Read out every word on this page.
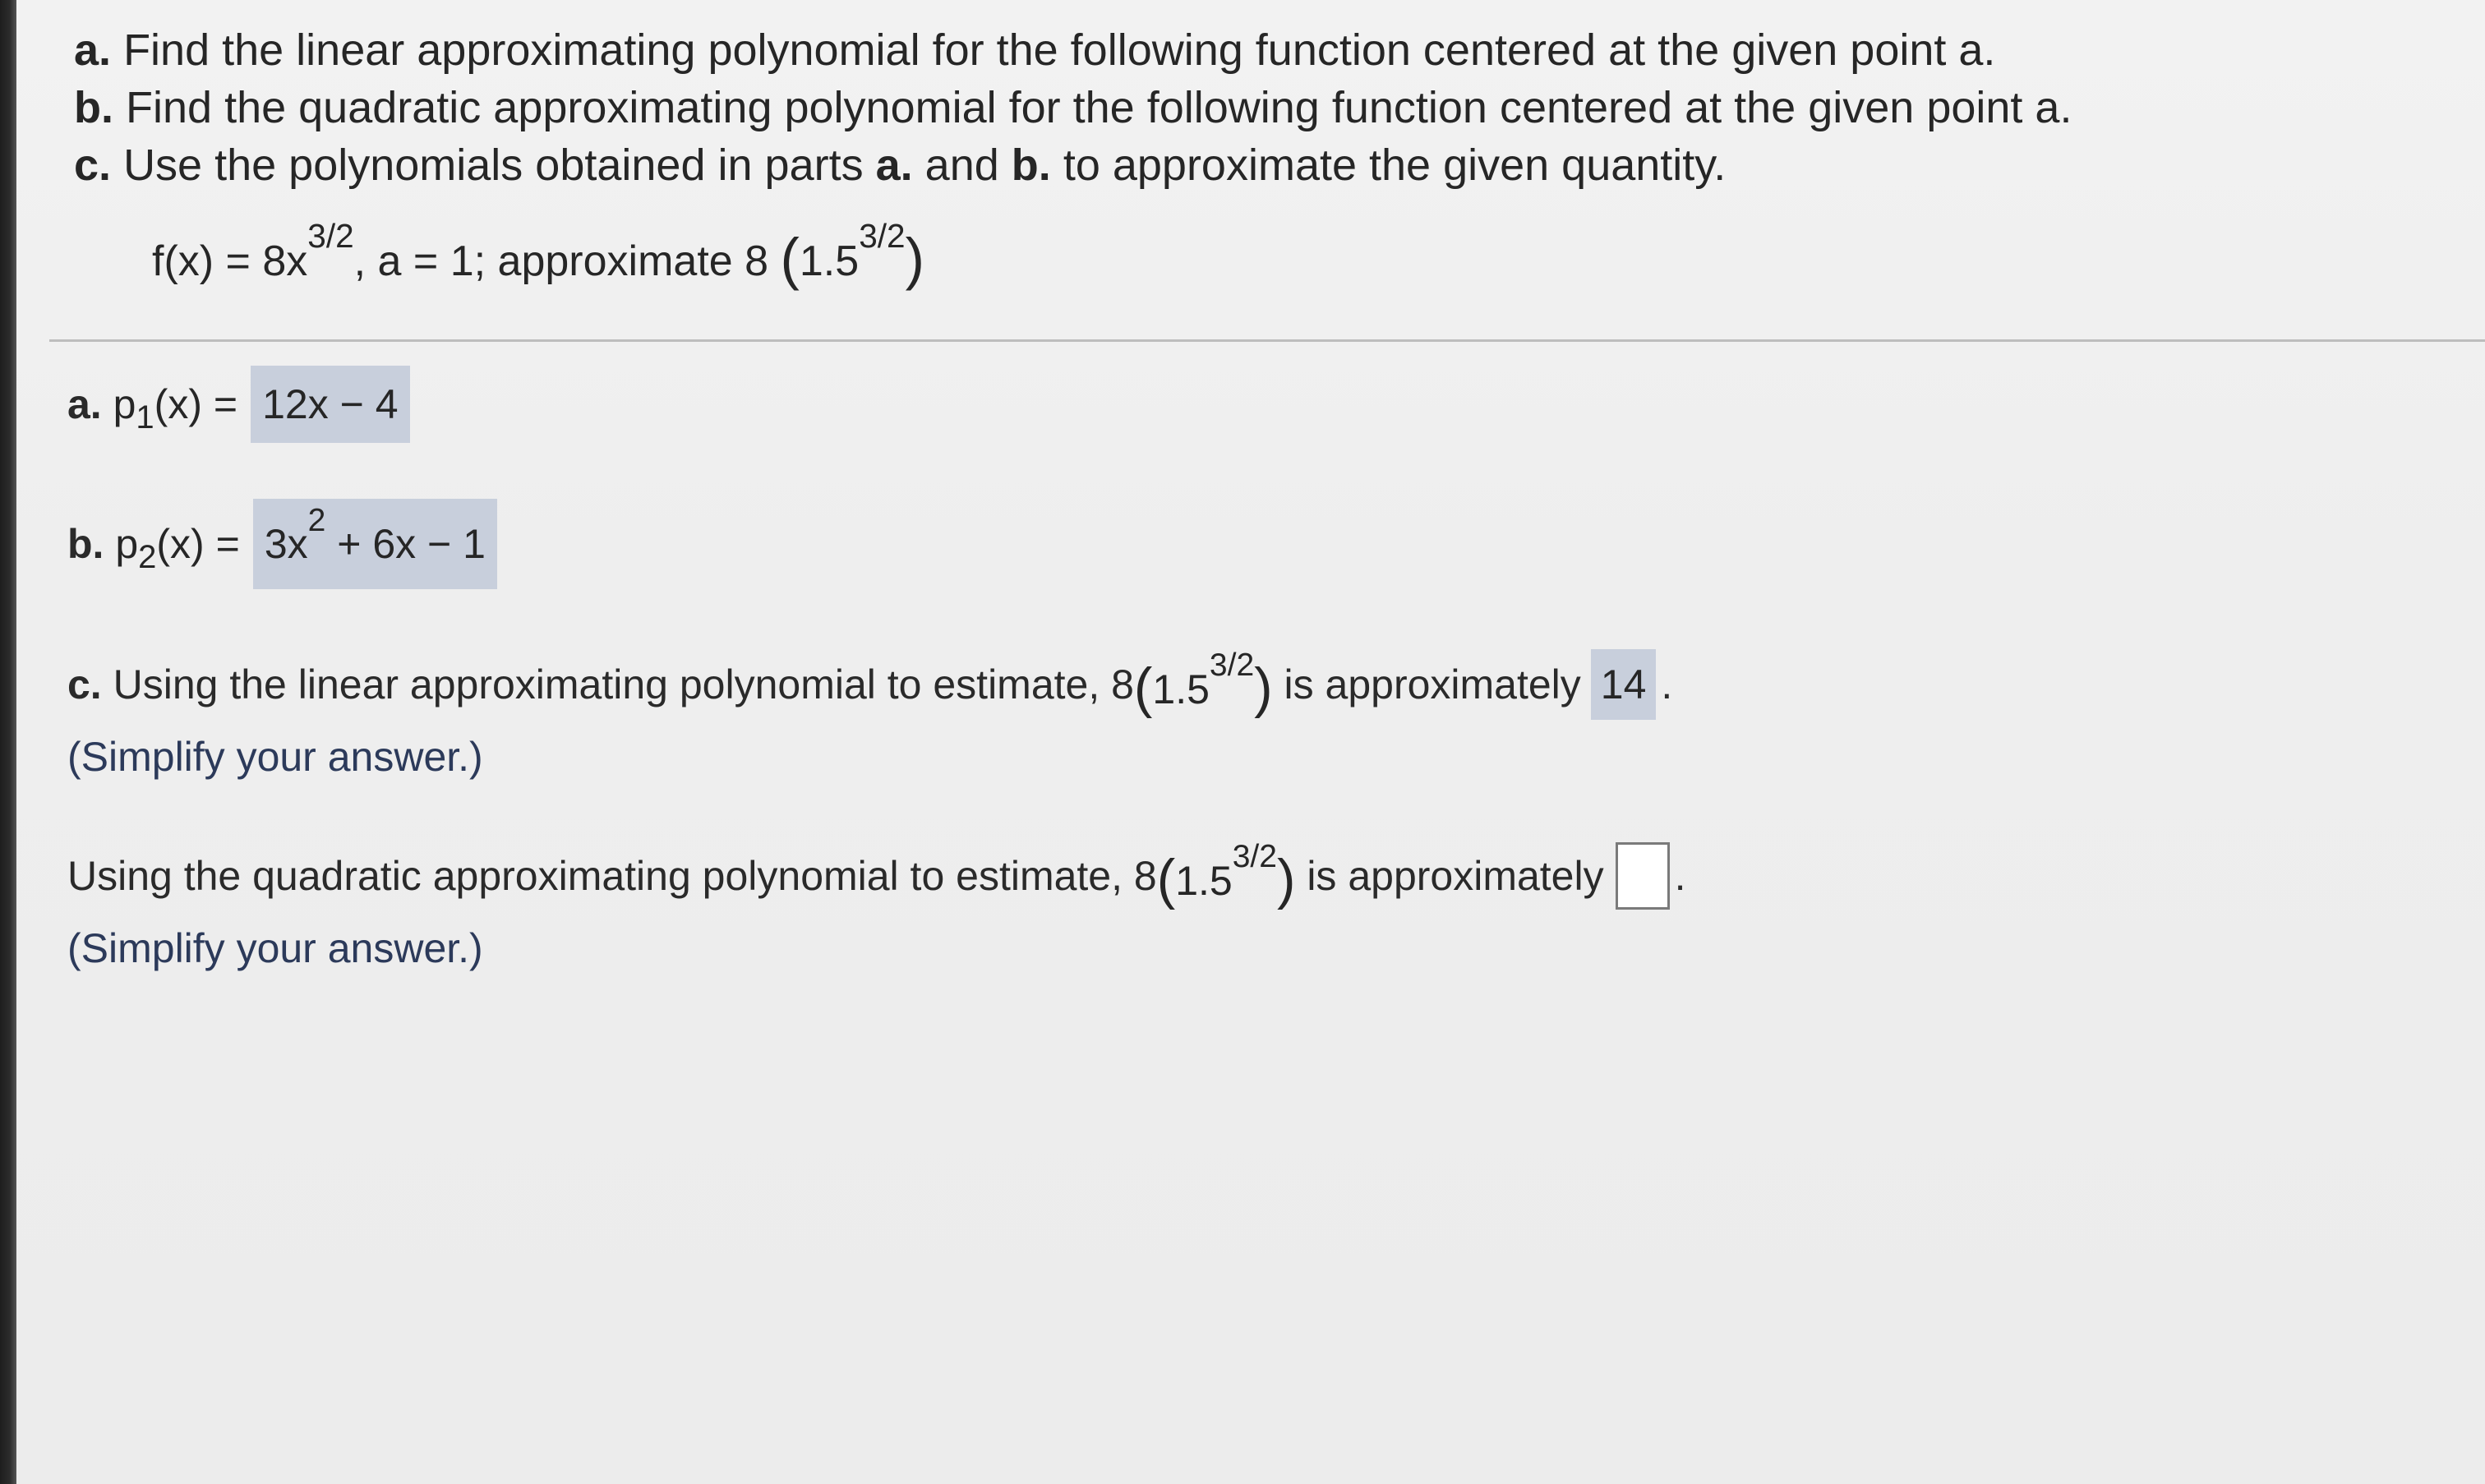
a. Find the linear approximating polynomial for the following function centered at the given point a.
b. Find the quadratic approximating polynomial for the following function centered at the given point a.
c. Use the polynomials obtained in parts a. and b. to approximate the given quantity.
$f(x) = 8x^{3/2}$, a = 1; approximate 8 $(1.5^{3/2})$
a.
$p_1(x) = 12x - 4$
b.
$p_2(x) = 3x^2 + 6x - 1$
c.
Using the linear approximating polynomial to estimate, 8 $(1.5^{3/2})$
is approximately 14 .
(Simplify your answer.)
Using the quadratic approximating polynomial to estimate, 8 $(1.5^{3/2})$
is approximately .
(Simplify your answer.)
